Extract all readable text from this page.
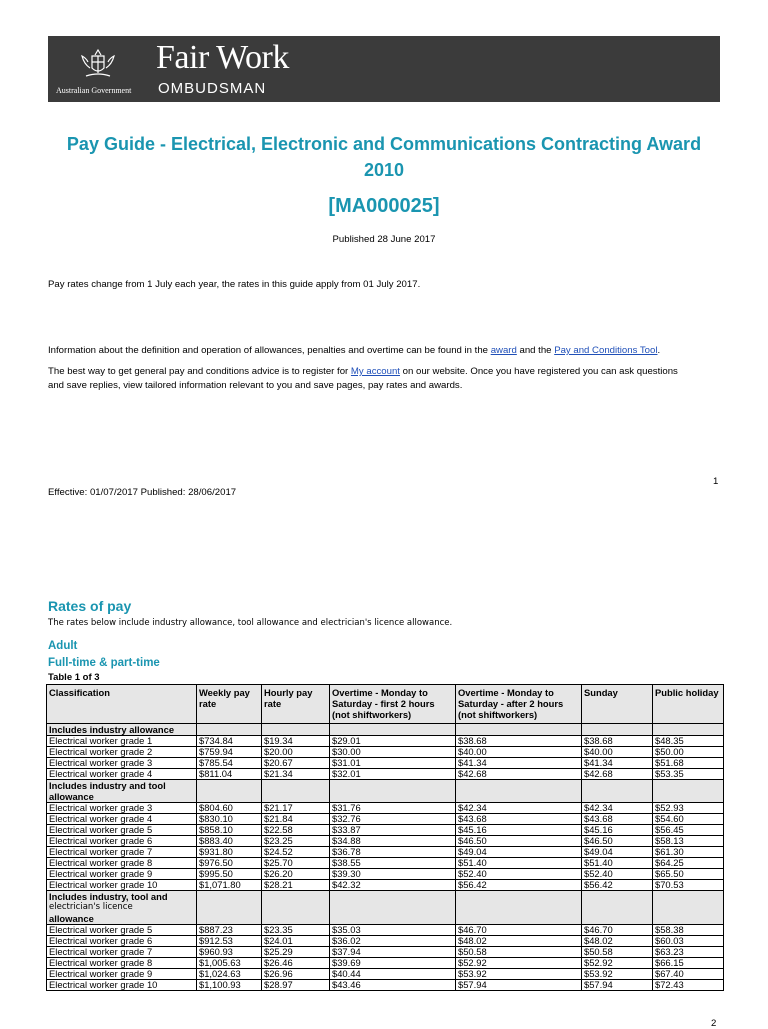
Australian Government
Fair Work
OMBUDSMAN
Pay Guide - Electrical, Electronic and Communications Contracting Award 2010
[MA000025]
Published 28 June 2017
Pay rates change from 1 July each year, the rates in this guide apply from 01 July 2017.
Information about the definition and operation of allowances, penalties and overtime can be found in the award and the Pay and Conditions Tool.
The best way to get general pay and conditions advice is to register for My account on our website. Once you have registered you can ask questions
and save replies, view tailored information relevant to you and save pages, pay rates and awards.
1
Effective: 01/07/2017 Published: 28/06/2017
Rates of pay
The rates below include industry allowance, tool allowance and electrician's licence allowance.
Adult
Full-time & part-time
Table 1 of 3
Classification	Weekly pay rate	Hourly pay rate	Overtime - Monday to Saturday - first 2 hours (not shiftworkers)	Overtime - Monday to Saturday - after 2 hours (not shiftworkers)	Sunday	Public holiday

Includes industry allowance						

Electrical worker grade 1	$734.84	$19.34	$29.01	$38.68	$38.68	$48.35
Electrical worker grade 2	$759.94	$20.00	$30.00	$40.00	$40.00	$50.00
Electrical worker grade 3	$785.54	$20.67	$31.01	$41.34	$41.34	$51.68
Electrical worker grade 4	$811.04	$21.34	$32.01	$42.68	$42.68	$53.35

Includes industry and tool allowance						

Electrical worker grade 3	$804.60	$21.17	$31.76	$42.34	$42.34	$52.93
Electrical worker grade 4	$830.10	$21.84	$32.76	$43.68	$43.68	$54.60
Electrical worker grade 5	$858.10	$22.58	$33.87	$45.16	$45.16	$56.45
Electrical worker grade 6	$883.40	$23.25	$34.88	$46.50	$46.50	$58.13
Electrical worker grade 7	$931.80	$24.52	$36.78	$49.04	$49.04	$61.30
Electrical worker grade 8	$976.50	$25.70	$38.55	$51.40	$51.40	$64.25
Electrical worker grade 9	$995.50	$26.20	$39.30	$52.40	$52.40	$65.50
Electrical worker grade 10	$1,071.80	$28.21	$42.32	$56.42	$56.42	$70.53

Includes industry, tool and
electrician's licence
allowance						

Electrical worker grade 5	$887.23	$23.35	$35.03	$46.70	$46.70	$58.38
Electrical worker grade 6	$912.53	$24.01	$36.02	$48.02	$48.02	$60.03
Electrical worker grade 7	$960.93	$25.29	$37.94	$50.58	$50.58	$63.23
Electrical worker grade 8	$1,005.63	$26.46	$39.69	$52.92	$52.92	$66.15
Electrical worker grade 9	$1,024.63	$26.96	$40.44	$53.92	$53.92	$67.40
Electrical worker grade 10	$1,100.93	$28.97	$43.46	$57.94	$57.94	$72.43
2
